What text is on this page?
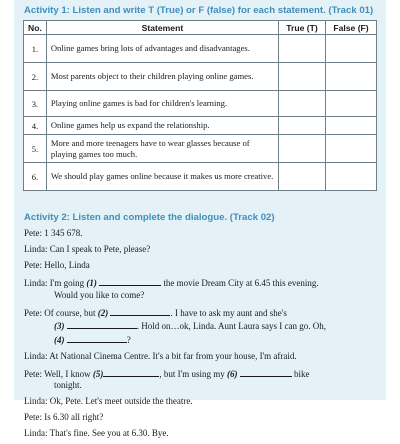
Activity 1: Listen and write T (True) or F (false) for each statement. (Track 01)
No.	Statement	True (T)	False (F)
1.	Online games bring lots of advantages and disadvantages.		
2.	Most parents object to their children playing online games.		
3.	Playing online games is bad for children's learning.		
4.	Online games help us expand the relationship.		
5.	More and more teenagers have to wear glasses because of playing games too much.		
6.	We should play games online because it makes us more creative.		
Activity 2: Listen and complete the dialogue. (Track 02)
Pete: 1 345 678.
Linda: Can I speak to Pete, please?
Pete: Hello, Linda
Linda: I'm going (1)	the movie Dream City at 6.45 this evening.
Would you like to come?
Pete: Of course, but (2)	. I have to ask my aunt and she's
(3)	. Hold on…ok, Linda. Aunt Laura says I can go. Oh,
(4)	?
Linda: At National Cinema Centre. It's a bit far from your house, I'm afraid.
Pete: Well, I know (5)	, but I'm using my (6)	bike
tonight.
Linda: Ok, Pete. Let's meet outside the theatre.
Pete: Is 6.30 all right?
Linda: That's fine. See you at 6.30. Bye.
